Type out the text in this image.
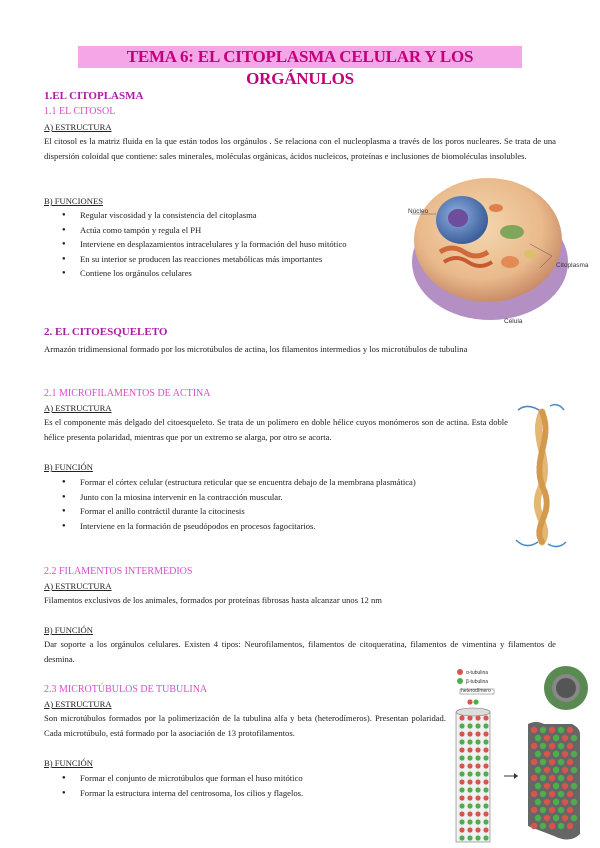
TEMA 6: EL CITOPLASMA CELULAR Y LOS ORGÁNULOS
1.EL CITOPLASMA
1.1 EL CITOSOL
A) ESTRUCTURA
El citosol es la matriz fluida en la que están todos los orgánulos . Se relaciona con el nucleoplasma a través de los poros nucleares. Se trata de una dispersión coloidal que contiene: sales minerales, moléculas orgánicas, ácidos nucleicos, proteínas e inclusiones de biomoléculas insolubles.
B) FUNCIONES
● Regular viscosidad y la consistencia del citoplasma
● Actúa como tampón y regula el PH
● Interviene en desplazamientos intracelulares y la formación del huso mitótico
● En su interior se producen las reacciones metabólicas más importantes
● Contiene los orgánulos celulares
Núcleo
Citoplasma
Célula
2. EL CITOESQUELETO
Armazón tridimensional formado por los microtúbulos de actina, los filamentos intermedios y los microtúbulos de tubulina
2.1 MICROFILAMENTOS DE ACTINA
A) ESTRUCTURA
Es el componente más delgado del citoesqueleto. Se trata de un polímero en doble hélice cuyos monómeros son de actina. Esta doble hélice presenta polaridad, mientras que por un extremo se alarga, por otro se acorta.
B) FUNCIÓN
● Formar el córtex celular (estructura reticular que se encuentra debajo de la membrana plasmática)
● Junto con la miosina intervenir en la contracción muscular.
● Formar el anillo contráctil durante la citocinesis
● Interviene en la formación de pseudópodos en procesos fagocitarios.
2.2 FILAMENTOS INTERMEDIOS
A) ESTRUCTURA
Filamentos exclusivos de los animales, formados por proteínas fibrosas hasta alcanzar unos 12 nm
B) FUNCIÓN
Dar soporte a los orgánulos celulares. Existen 4 tipos: Neurofilamentos, filamentos de citoqueratina, filamentos de vimentina y filamentos de desmina.
2.3 MICROTÚBULOS DE TUBULINA
A) ESTRUCTURA
Son microtúbulos formados por la polimerización de la tubulina alfa y beta (heterodímeros). Presentan polaridad. Cada microtúbulo, está formado por la asociación de 13 protofilamentos.
B) FUNCIÓN
● Formar el conjunto de microtúbulos que forman el huso mitótico
● Formar la estructura interna del centrosoma, los cilios y flagelos.
α-tubulina
β-tubulina
heterodímero
